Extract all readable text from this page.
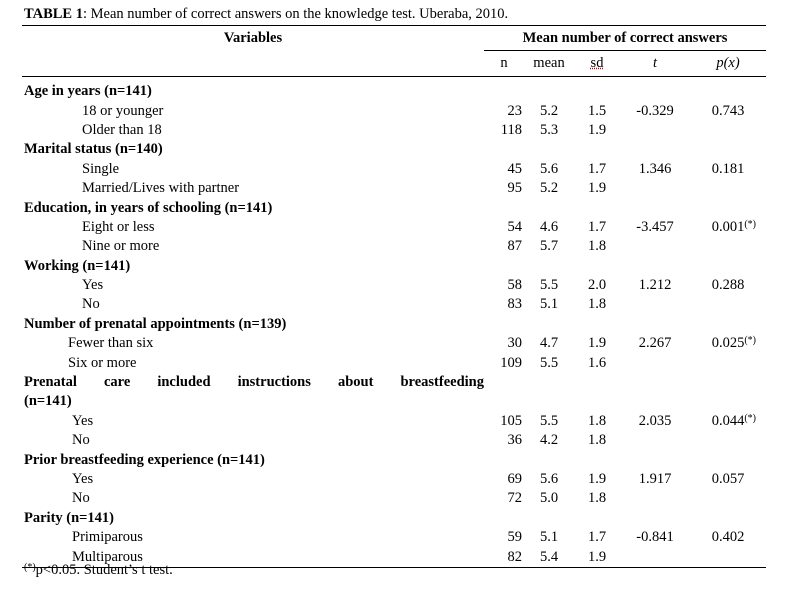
TABLE 1: Mean number of correct answers on the knowledge test. Uberaba, 2010.
Variables	Mean number of correct answers				
	n	mean	sd	t	p(x)

Age in years (n=141)					
18 or younger	23	5.2	1.5	-0.329	0.743

Older than 18	118	5.3	1.9		

Marital status (n=140)					
Single	45	5.6	1.7	1.346	0.181

Married/Lives with partner	95	5.2	1.9		

Education, in years of schooling (n=141)					
Eight or less	54	4.6	1.7	-3.457	0.001 (*)

Nine or more	87	5.7	1.8		

Working (n=141)					
Yes	58	5.5	2.0	1.212	0.288

No	83	5.1	1.8		

Number of prenatal appointments (n=139)					
Fewer than six	30	4.7	1.9	2.267	0.025 (*)

Six or more	109	5.5	1.6		

Prenatal care included instructions about breastfeeding					
(n=141)					
Yes	105	5.5	1.8	2.035	0.044 (*)

No	36	4.2	1.8		

Prior breastfeeding experience (n=141)					
Yes	69	5.6	1.9	1.917	0.057

No	72	5.0	1.8		

Parity (n=141)					
Primiparous	59	5.1	1.7	-0.841	0.402

Multiparous	82	5.4	1.9		
(*)p<0.05. Student’s t test.
